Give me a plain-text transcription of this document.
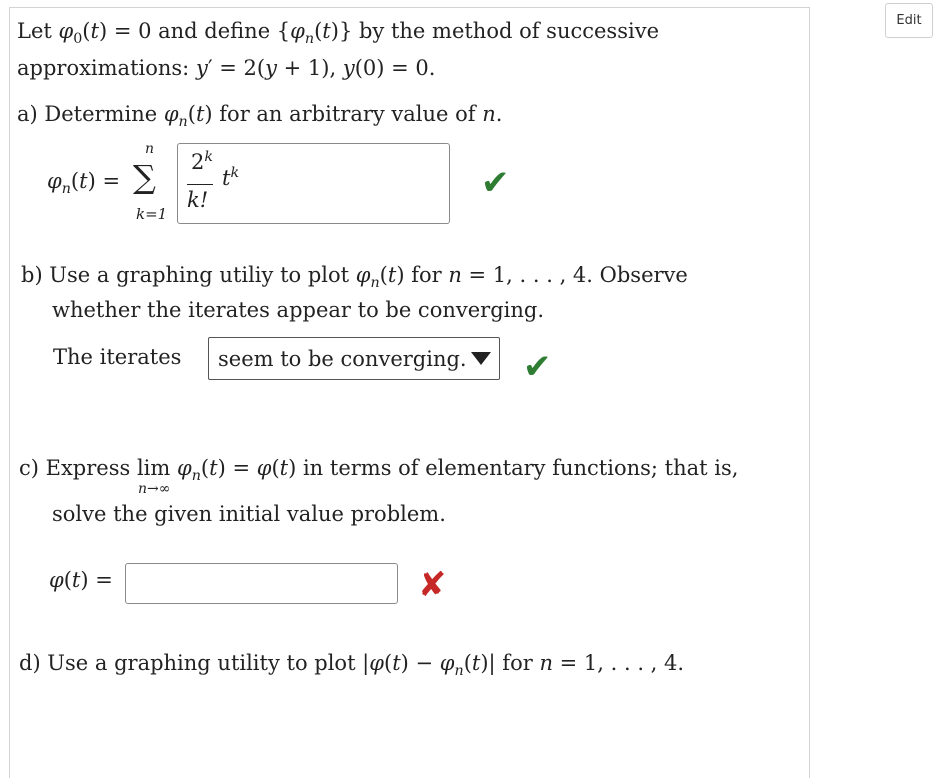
Edit
Let $\varphi_0(t) = 0$ and define $\{\varphi_n(t)\}$ by the method of successive
approximations: y′ = 2(y + 1), y(0) = 0.
a) Determine $\varphi_n(t)$ for an arbitrary value of n.
$\varphi_n(t)$ =
n
∑
k=1
2$^k$
k!
$t^k$	✔
b) Use a graphing utiliy to plot $\varphi_n(t)$ for n = 1, . . . , 4. Observe
whether the iterates appear to be converging.
The iterates seem to be converging. ✔
c) Express lim
n→∞
$\varphi_n(t) = \varphi(t)$ in terms of elementary functions; that is,
solve the given initial value problem.
φ(t) =	✘
d) Use a graphing utility to plot $|\varphi(t) - \varphi_n(t)|$ for n = 1, . . . , 4.
